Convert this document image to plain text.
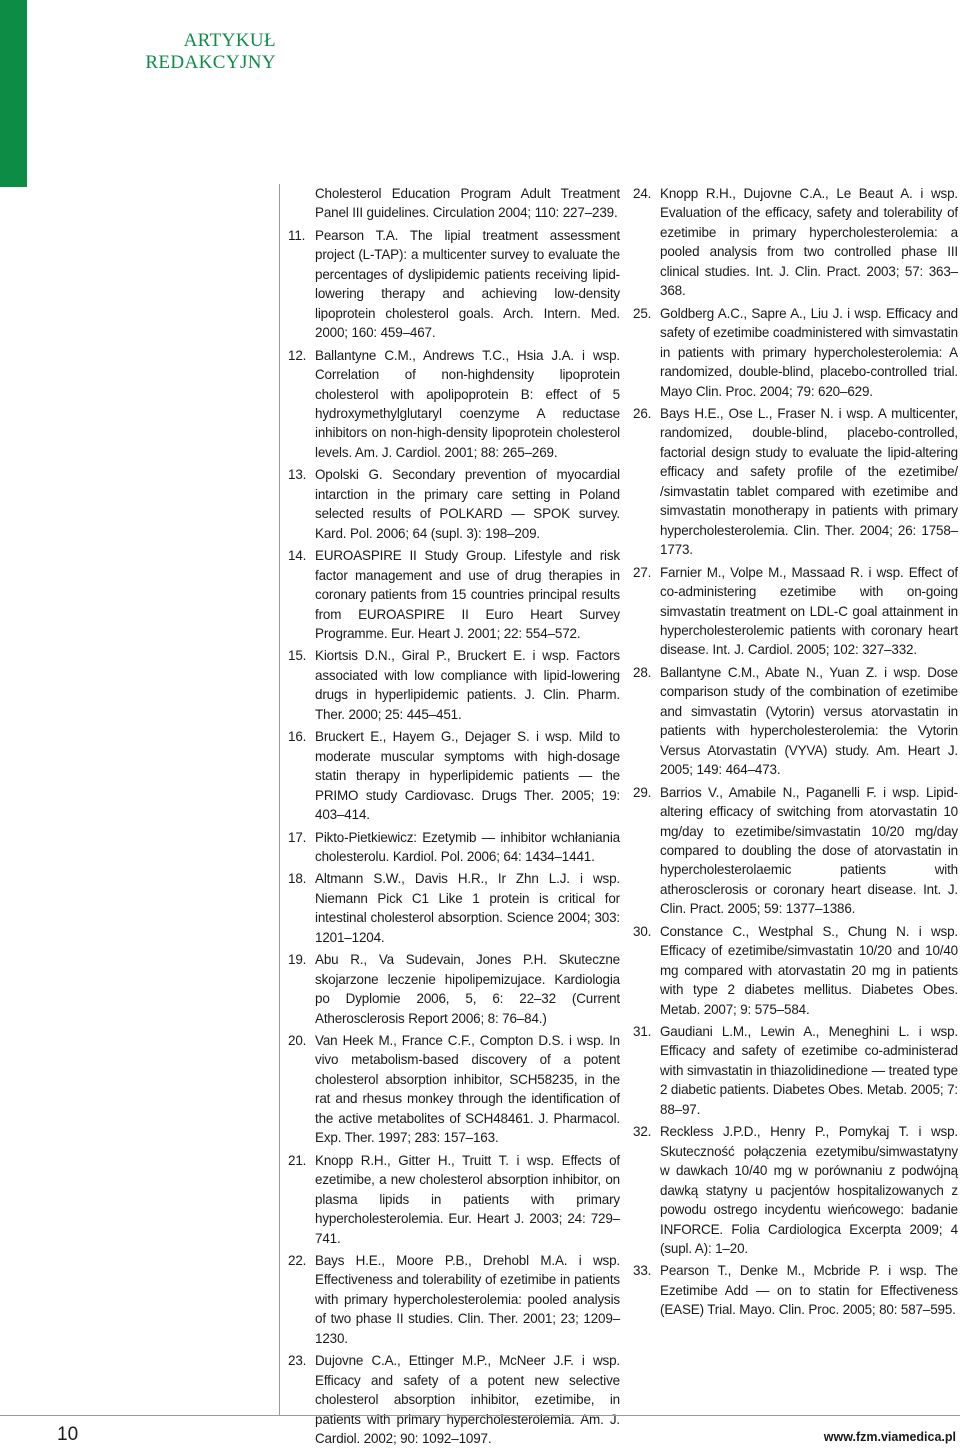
ARTYKUŁ REDAKCYJNY
Cholesterol Education Program Adult Treatment Panel III guidelines. Circulation 2004; 110: 227–239.
11. Pearson T.A. The lipial treatment assessment project (L-TAP): a multicenter survey to evaluate the percentages of dyslipidemic patients receiving lipid-lowering therapy and achieving low-density lipoprotein cholesterol goals. Arch. Intern. Med. 2000; 160: 459–467.
12. Ballantyne C.M., Andrews T.C., Hsia J.A. i wsp. Correlation of non-highdensity lipoprotein cholesterol with apolipoprotein B: effect of 5 hydroxymethylglutaryl coenzyme A reductase inhibitors on non-high-density lipoprotein cholesterol levels. Am. J. Cardiol. 2001; 88: 265–269.
13. Opolski G. Secondary prevention of myocardial intarction in the primary care setting in Poland selected results of POLKARD — SPOK survey. Kard. Pol. 2006; 64 (supl. 3): 198–209.
14. EUROASPIRE II Study Group. Lifestyle and risk factor management and use of drug therapies in coronary patients from 15 countries principal results from EUROASPIRE II Euro Heart Survey Programme. Eur. Heart J. 2001; 22: 554–572.
15. Kiortsis D.N., Giral P., Bruckert E. i wsp. Factors associated with low compliance with lipid-lowering drugs in hyperlipidemic patients. J. Clin. Pharm. Ther. 2000; 25: 445–451.
16. Bruckert E., Hayem G., Dejager S. i wsp. Mild to moderate muscular symptoms with high-dosage statin therapy in hyperlipidemic patients — the PRIMO study Cardiovasc. Drugs Ther. 2005; 19: 403–414.
17. Pikto-Pietkiewicz: Ezetymib — inhibitor wchłaniania cholesterolu. Kardiol. Pol. 2006; 64: 1434–1441.
18. Altmann S.W., Davis H.R., Ir Zhn L.J. i wsp. Niemann Pick C1 Like 1 protein is critical for intestinal cholesterol absorption. Science 2004; 303: 1201–1204.
19. Abu R., Va Sudevain, Jones P.H. Skuteczne skojarzone leczenie hipolipemizujace. Kardiologia po Dyplomie 2006, 5, 6: 22–32 (Current Atherosclerosis Report 2006; 8: 76–84.)
20. Van Heek M., France C.F., Compton D.S. i wsp. In vivo metabolism-based discovery of a potent cholesterol absorption inhibitor, SCH58235, in the rat and rhesus monkey through the identification of the active metabolites of SCH48461. J. Pharmacol. Exp. Ther. 1997; 283: 157–163.
21. Knopp R.H., Gitter H., Truitt T. i wsp. Effects of ezetimibe, a new cholesterol absorption inhibitor, on plasma lipids in patients with primary hypercholesterolemia. Eur. Heart J. 2003; 24: 729–741.
22. Bays H.E., Moore P.B., Drehobl M.A. i wsp. Effectiveness and tolerability of ezetimibe in patients with primary hypercholesterolemia: pooled analysis of two phase II studies. Clin. Ther. 2001; 23; 1209–1230.
23. Dujovne C.A., Ettinger M.P., McNeer J.F. i wsp. Efficacy and safety of a potent new selective cholesterol absorption inhibitor, ezetimibe, in patients with primary hypercholesterolemia. Am. J. Cardiol. 2002; 90: 1092–1097.
24. Knopp R.H., Dujovne C.A., Le Beaut A. i wsp. Evaluation of the efficacy, safety and tolerability of ezetimibe in primary hypercholesterolemia: a pooled analysis from two controlled phase III clinical studies. Int. J. Clin. Pract. 2003; 57: 363–368.
25. Goldberg A.C., Sapre A., Liu J. i wsp. Efficacy and safety of ezetimibe coadministered with simvastatin in patients with primary hypercholesterolemia: A randomized, double-blind, placebo-controlled trial. Mayo Clin. Proc. 2004; 79: 620–629.
26. Bays H.E., Ose L., Fraser N. i wsp. A multicenter, randomized, double-blind, placebo-controlled, factorial design study to evaluate the lipid-altering efficacy and safety profile of the ezetimibe/ /simvastatin tablet compared with ezetimibe and simvastatin monotherapy in patients with primary hypercholesterolemia. Clin. Ther. 2004; 26: 1758–1773.
27. Farnier M., Volpe M., Massaad R. i wsp. Effect of co-administering ezetimibe with on-going simvastatin treatment on LDL-C goal attainment in hypercholesterolemic patients with coronary heart disease. Int. J. Cardiol. 2005; 102: 327–332.
28. Ballantyne C.M., Abate N., Yuan Z. i wsp. Dose comparison study of the combination of ezetimibe and simvastatin (Vytorin) versus atorvastatin in patients with hypercholesterolemia: the Vytorin Versus Atorvastatin (VYVA) study. Am. Heart J. 2005; 149: 464–473.
29. Barrios V., Amabile N., Paganelli F. i wsp. Lipid-altering efficacy of switching from atorvastatin 10 mg/day to ezetimibe/simvastatin 10/20 mg/day compared to doubling the dose of atorvastatin in hypercholesterolaemic patients with atherosclerosis or coronary heart disease. Int. J. Clin. Pract. 2005; 59: 1377–1386.
30. Constance C., Westphal S., Chung N. i wsp. Efficacy of ezetimibe/simvastatin 10/20 and 10/40 mg compared with atorvastatin 20 mg in patients with type 2 diabetes mellitus. Diabetes Obes. Metab. 2007; 9: 575–584.
31. Gaudiani L.M., Lewin A., Meneghini L. i wsp. Efficacy and safety of ezetimibe co-administerad with simvastatin in thiazolidinedione — treated type 2 diabetic patients. Diabetes Obes. Metab. 2005; 7: 88–97.
32. Reckless J.P.D., Henry P., Pomykaj T. i wsp. Skuteczność połączenia ezetymibu/simwastatyny w dawkach 10/40 mg w porównaniu z podwójną dawką statyny u pacjentów hospitalizowanych z powodu ostrego incydentu wieńcowego: badanie INFORCE. Folia Cardiologica Excerpta 2009; 4 (supl. A): 1–20.
33. Pearson T., Denke M., Mcbride P. i wsp. The Ezetimibe Add — on to statin for Effectiveness (EASE) Trial. Mayo. Clin. Proc. 2005; 80: 587–595.
10	www.fzm.viamedica.pl
